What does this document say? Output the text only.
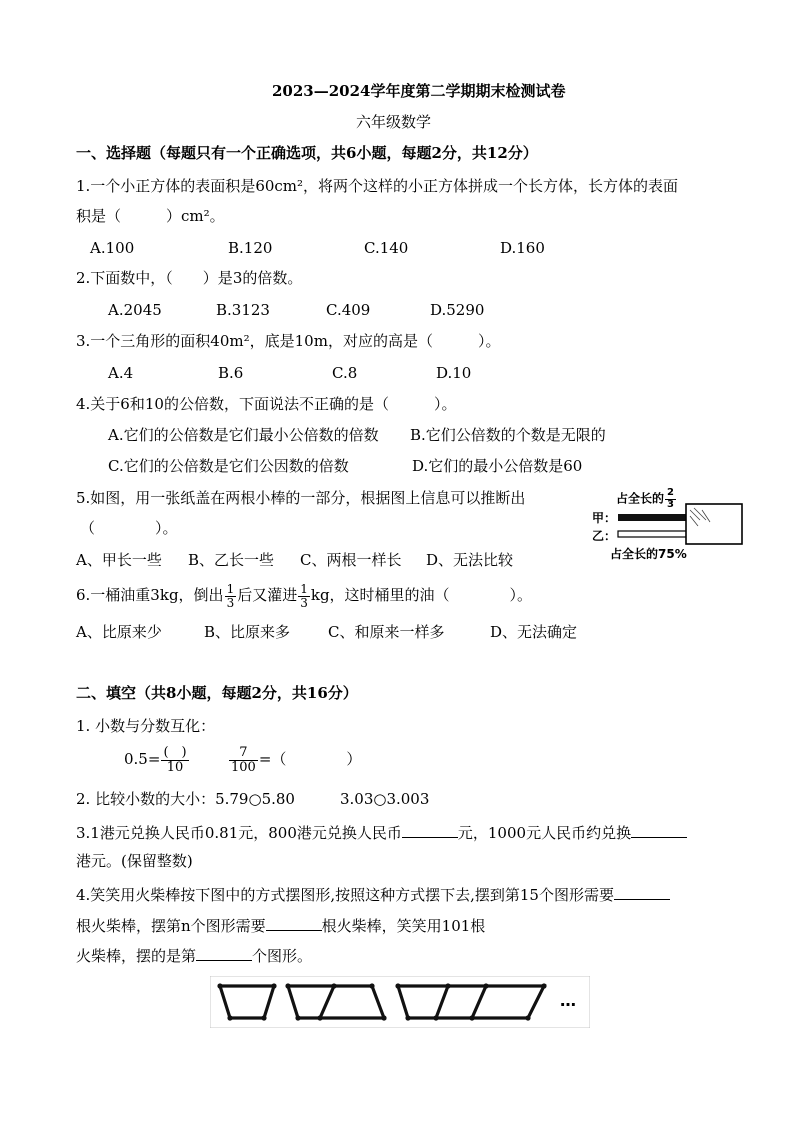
2023—2024学年度第二学期期末检测试卷
六年级数学
一、选择题（每题只有一个正确选项，共6小题，每题2分，共12分）
1.一个小正方体的表面积是60cm²，将两个这样的小正方体拼成一个长方体，长方体的表面
积是（　　　）cm²。
A.100	B.120	C.140	D.160
2.下面数中，（　　）是3的倍数。
A.2045	B.3123	C.409	D.5290
3.一个三角形的面积40m²，底是10m，对应的高是（　　　）。
A.4	B.6	C.8	D.10
4.关于6和10的公倍数，下面说法不正确的是（　　　）。
A.它们的公倍数是它们最小公倍数的倍数 B.它们公倍数的个数是无限的
C.它们的公倍数是它们公因数的倍数	D.它们的最小公倍数是60
5.如图，用一张纸盖在两根小棒的一部分，根据图上信息可以推断出
（　　　　）。
A、甲长一些 B、乙长一些 C、两根一样长 D、无法比较
占全长的 $\frac{2}{3}$
甲：
乙：
占全长的75%
6.一桶油重3kg，倒出 $\frac{1}{3}$ 后又灌进 $\frac{1}{3}$ kg，这时桶里的油（　　　　）。
A、比原来少	B、比原来多	C、和原来一样多	D、无法确定
二、填空（共8小题，每题2分，共16分）
1. 小数与分数互化：
$0.5= \frac{( )}{10}$	$\frac{7}{100}$ =（　　　　）
2. 比较小数的大小：5.79○5.80　　　3.03○3.003
3.1港元兑换人民币0.81元，800港元兑换人民币	元，1000元人民币约兑换
港元。(保留整数)
4.笑笑用火柴棒按下图中的方式摆图形,按照这种方式摆下去,摆到第15个图形需要
根火柴棒，摆第n个图形需要	根火柴棒，笑笑用101根
火柴棒，摆的是第	个图形。
…
